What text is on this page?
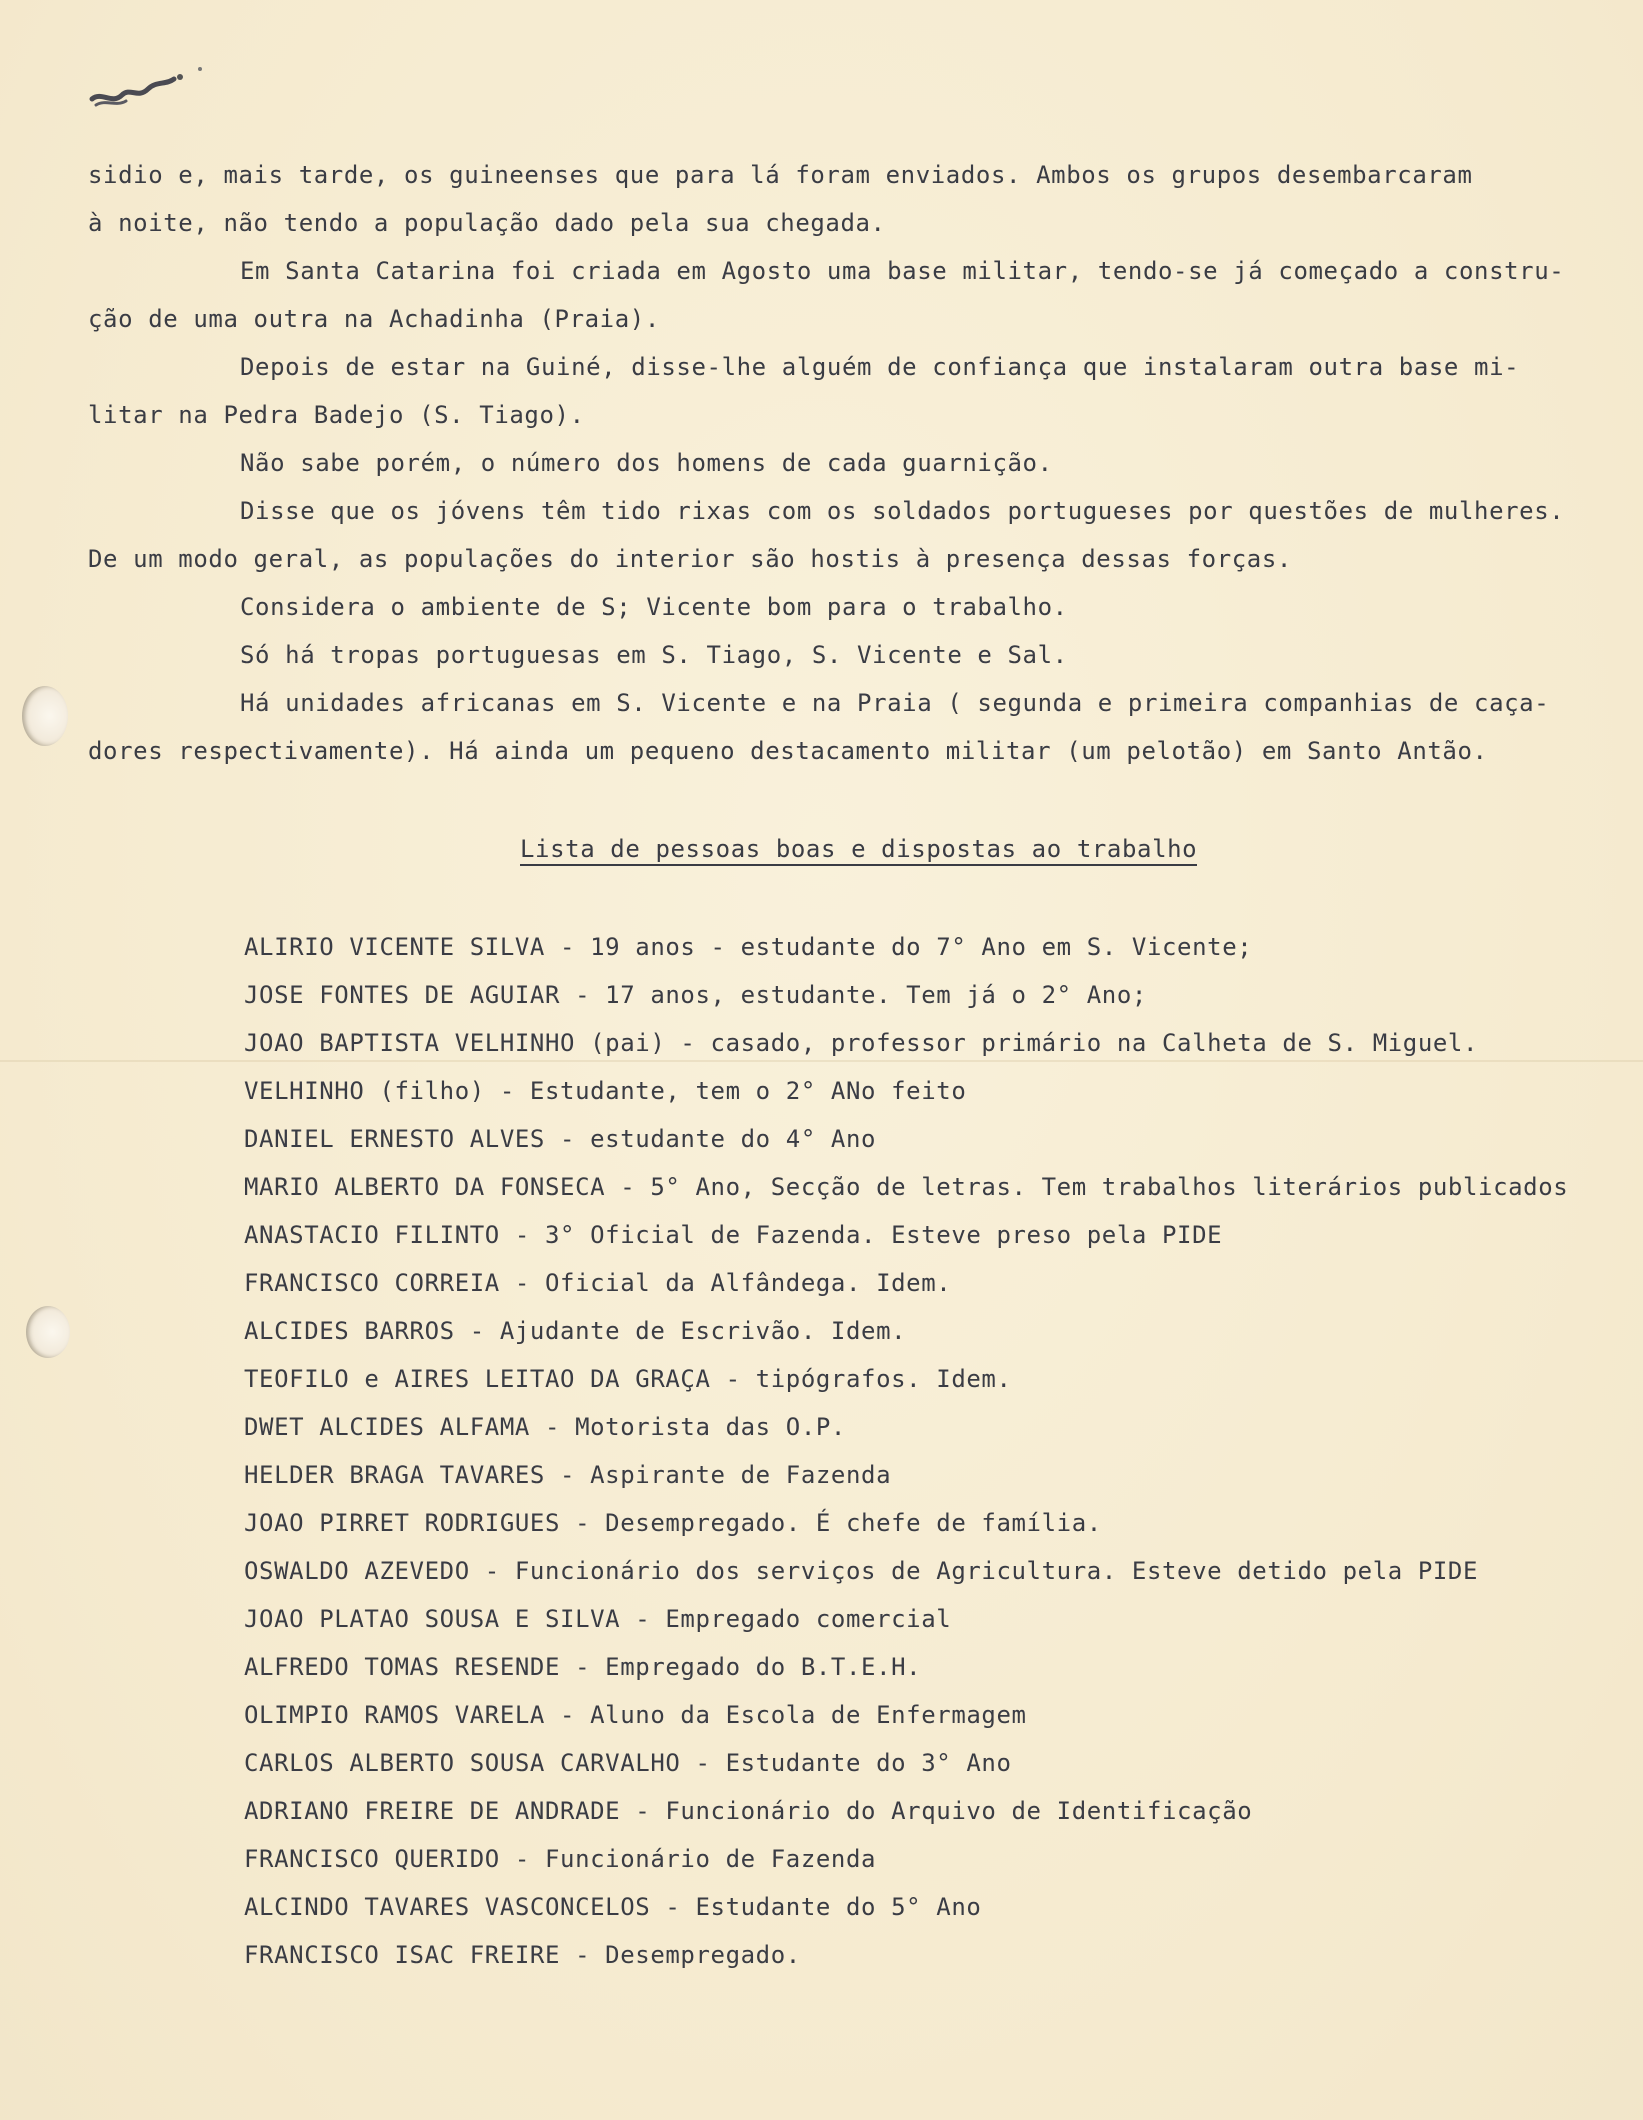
sidio e, mais tarde, os guineenses que para lá foram enviados. Ambos os grupos desembarcaram
à noite, não tendo a população dado pela sua chegada.
Em Santa Catarina foi criada em Agosto uma base militar, tendo-se já começado a constru-
ção de uma outra na Achadinha (Praia).
Depois de estar na Guiné, disse-lhe alguém de confiança que instalaram outra base mi-
litar na Pedra Badejo (S. Tiago).
Não sabe porém, o número dos homens de cada guarnição.
Disse que os jóvens têm tido rixas com os soldados portugueses por questões de mulheres.
De um modo geral, as populações do interior são hostis à presença dessas forças.
Considera o ambiente de S; Vicente bom para o trabalho.
Só há tropas portuguesas em S. Tiago, S. Vicente e Sal.
Há unidades africanas em S. Vicente e na Praia ( segunda e primeira companhias de caça-
dores respectivamente). Há ainda um pequeno destacamento militar (um pelotão) em Santo Antão.
Lista de pessoas boas e dispostas ao trabalho
ALIRIO VICENTE SILVA - 19 anos - estudante do 7° Ano em S. Vicente;
JOSE FONTES DE AGUIAR - 17 anos, estudante. Tem já o 2° Ano;
JOAO BAPTISTA VELHINHO (pai) - casado, professor primário na Calheta de S. Miguel.
VELHINHO (filho) - Estudante, tem o 2° ANo feito
DANIEL ERNESTO ALVES - estudante do 4° Ano
MARIO ALBERTO DA FONSECA - 5° Ano, Secção de letras. Tem trabalhos literários publicados
ANASTACIO FILINTO - 3° Oficial de Fazenda. Esteve preso pela PIDE
FRANCISCO CORREIA - Oficial da Alfândega. Idem.
ALCIDES BARROS - Ajudante de Escrivão. Idem.
TEOFILO e AIRES LEITAO DA GRAÇA - tipógrafos. Idem.
DWET ALCIDES ALFAMA - Motorista das O.P.
HELDER BRAGA TAVARES - Aspirante de Fazenda
JOAO PIRRET RODRIGUES - Desempregado. É chefe de família.
OSWALDO AZEVEDO - Funcionário dos serviços de Agricultura. Esteve detido pela PIDE
JOAO PLATAO SOUSA E SILVA - Empregado comercial
ALFREDO TOMAS RESENDE - Empregado do B.T.E.H.
OLIMPIO RAMOS VARELA - Aluno da Escola de Enfermagem
CARLOS ALBERTO SOUSA CARVALHO - Estudante do 3° Ano
ADRIANO FREIRE DE ANDRADE - Funcionário do Arquivo de Identificação
FRANCISCO QUERIDO - Funcionário de Fazenda
ALCINDO TAVARES VASCONCELOS - Estudante do 5° Ano
FRANCISCO ISAC FREIRE - Desempregado.
